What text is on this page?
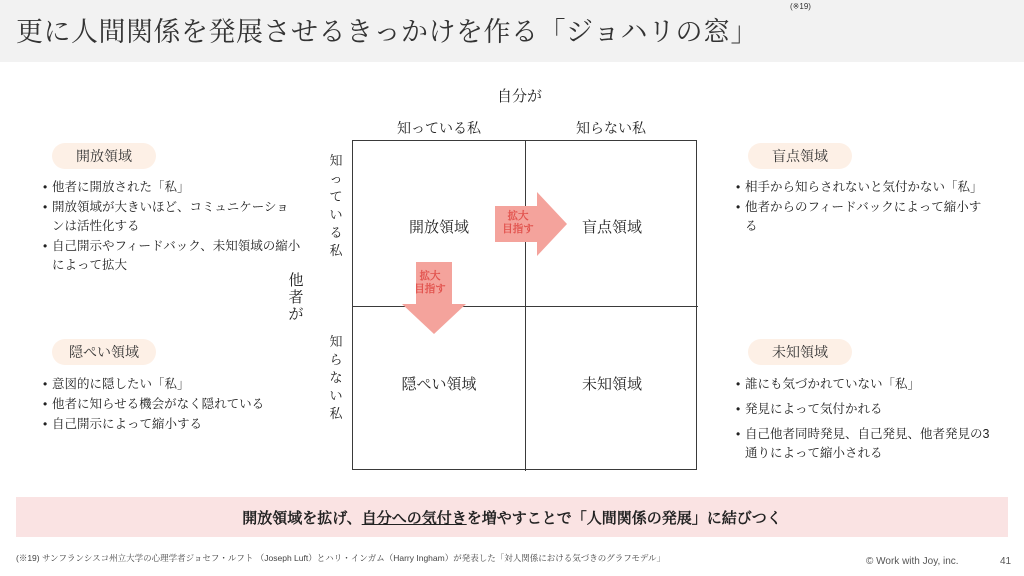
更に人間関係を発展させるきっかけを作る「ジョハリの窓」
(※19)
自分が
知っている私	知らない私
他
者
が
知
っ
て
い
る
私
知
ら
な
い
私
開放領域	盲点領域
隠ぺい領域	未知領域
拡大
目指す
拡大
目指す
開放領域
• 他者に開放された「私」
• 開放領域が大きいほど、コミュニケーションは活性化する
• 自己開示やフィードバック、未知領域の縮小によって拡大
隠ぺい領域
• 意図的に隠したい「私」
• 他者に知らせる機会がなく隠れている
• 自己開示によって縮小する
盲点領域
• 相手から知らされないと気付かない「私」
• 他者からのフィードバックによって縮小する
未知領域
• 誰にも気づかれていない「私」
• 発見によって気付かれる
• 自己他者同時発見、自己発見、他者発見の3通りによって縮小される
開放領域を拡げ、自分への気付きを増やすことで「人間関係の発展」に結びつく
(※19) サンフランシスコ州立大学の心理学者ジョセフ・ルフト （Joseph Luft）とハリ・インガム（Harry Ingham）が発表した「対人関係における気づきのグラフモデル」	© Work with Joy, inc.	41
